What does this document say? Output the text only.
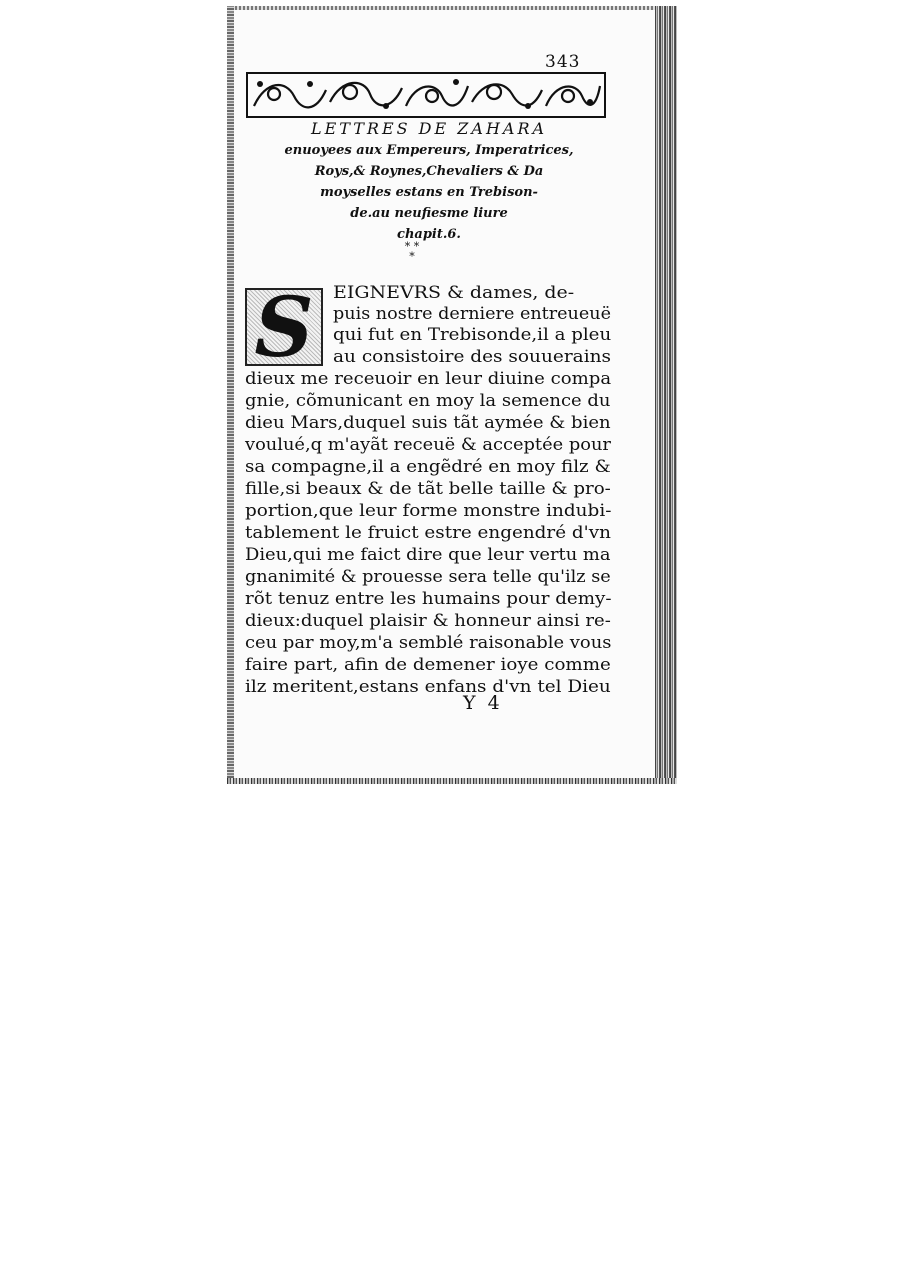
343
LETTRES DE ZAHARA
enuoyees aux Empereurs, Imperatrices,
Roys,& Roynes,Chevaliers & Da
moyselles estans en Trebison-
de.au neufiesme liure
chapit.6.
* *
*
S	EIGNEVRS & dames, de-
puis nostre derniere entreueuë
qui fut en Trebisonde,il a pleu
au consistoire des souuerains
dieux me receuoir en leur diuine compa
gnie, cõmunicant en moy la semence du
dieu Mars,duquel suis tãt aymée & bien
voulué,q m'ayãt receuë & acceptée pour
sa compagne,il a engẽdré en moy filz &
fille,si beaux & de tãt belle taille & pro-
portion,que leur forme monstre indubi-
tablement le fruict estre engendré d'vn
Dieu,qui me faict dire que leur vertu ma
gnanimité & prouesse sera telle qu'ilz se
rõt tenuz entre les humains pour demy-
dieux:duquel plaisir & honneur ainsi re-
ceu par moy,m'a semblé raisonable vous
faire part, afin de demener ioye comme
ilz meritent,estans enfans d'vn tel Dieu
Y 4
